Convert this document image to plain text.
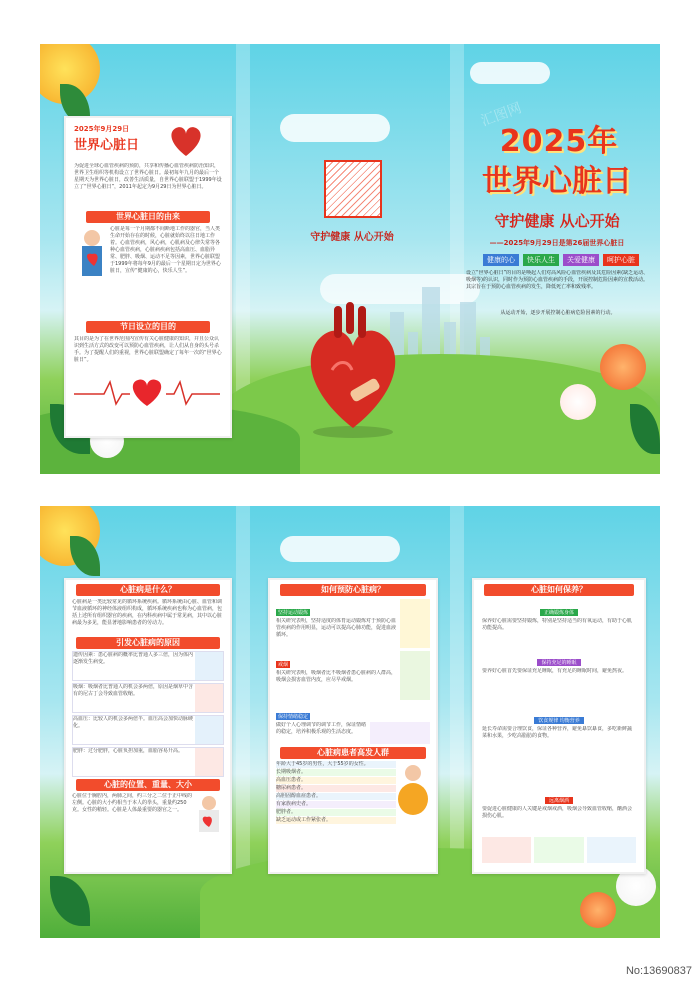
2025年9月29日
世界心脏日
为促进全球心血管疾病的预防，共享和传播心血管疾病防治知识，世界卫生组织等机构设立了世界心脏日。最初每年九月的最后一个星期天为世界心脏日，改善生活质量，自世界心脏联盟于1999年设立了“世界心脏日”，2011年起定为9月29日为世界心脏日。
世界心脏日的由来
心脏是每一个月期都不间断地工作的器官，当人类生命开始存在的时候，心脏就始终以往日地工作着。心血管疾病，风心病，心肌病及心律失常等各种心血管疾病，心脏病疾病包括高血压、血脂异常、肥胖、吸烟、运动不足等因素，世界心脏联盟于1999年将每年9月的最后一个星期日定为世界心脏日，宣传“健康的心，快乐人生”。
节日设立的目的
其目的是为了在世界范围内宣传有关心脏健康的知识，并且公众认识到生活方式的改变可以预防心血管疾病，让人们从自身的头号杀手。为了提醒人们的重视，世界心脏联盟确定了每年一次的“世界心脏日”。
守护健康 从心开始
2025年
世界心脏日
守护健康 从心开始
——2025年9月29日是第26届世界心脏日
健康的心	快乐人生	关爱健康	呵护心脏
设立“世界心脏日”的目的是唤起人们对高风险心血管疾病及其危险因素(缺乏运动、吸烟等)的认识，同时作为预防心血管疾病的手段，开展控制危险因素的宣教活动。其宗旨在于预防心血管疾病的发生，降低死亡率和致残率。
从运动开始，逐步开展控制心脏病危险因素的行动。
汇图网
心脏病是什么？
心脏病是一类比较常见的循环系统疾病。循环系统由心脏、血管和调节血液循环的神经体液组织构成，循环系统疾病也称为心血管病，包括上述所有组织器官的疾病，在内科疾病中属于常见病，其中以心脏病最为多见，能显著地影响患者的劳动力。
引发心脏病的原因
遗传因素：患心脏病的概率比普通人多三倍，因为体内逐渐发生病变。
吸烟：吸烟者比普通人的机会多两倍，原因是烟草中含有的尼古丁会导致血管收缩。
高血压：比较人的机会多两倍半。血压高会加快动脉硬化。
肥胖：过分肥胖，心脏负担加重，血脂容易升高。
心脏的位置、重量、大小
心脏位于胸腔内，两肺之间，约三分之二位于正中线的左侧。心脏的大小约相当于本人的拳头，重量约250克。女性的稍轻。心脏是人体最重要的器官之一。
如何预防心脏病？
坚持运动锻炼
相关研究表明，坚持适度的体育运动锻炼对于预防心血管疾病的作用明显，运动可以提高心肺功能，促进血液循环。
戒烟
相关研究表明，吸烟者比不吸烟者患心脏病的人群高，吸烟会损害血管内皮，应尽早戒烟。
保持情绪稳定
做好个人心理调节的调节工作，保证情绪的稳定，培养积极乐观的生活态度。
心脏病患者高发人群
年龄大于45岁的男性，大于55岁的女性。
长期吸烟者。
高血压患者。
糖尿病患者。
高胆固醇血症患者。
有家族病史者。
肥胖者。
缺乏运动或工作紧张者。
心脏如何保养？
正确锻炼身体
保养好心脏需要坚持锻炼，特别是坚持适当的有氧运动，有助于心肌功能提高。
保持充足的睡眠
要养好心脏首先要保证充足睡眠，有充足的睡眠时间，避免熬夜。
饮食规律 均衡营养
延长寿命需要合理饮食，保证各种营养，避免暴饮暴食，多吃新鲜蔬菜和水果，少吃高脂肪的食物。
远离烟酒
要促进心脏健康的人关键是戒烟戒酒，吸烟会导致血管收缩，酗酒会损伤心肌。
No:13690837
